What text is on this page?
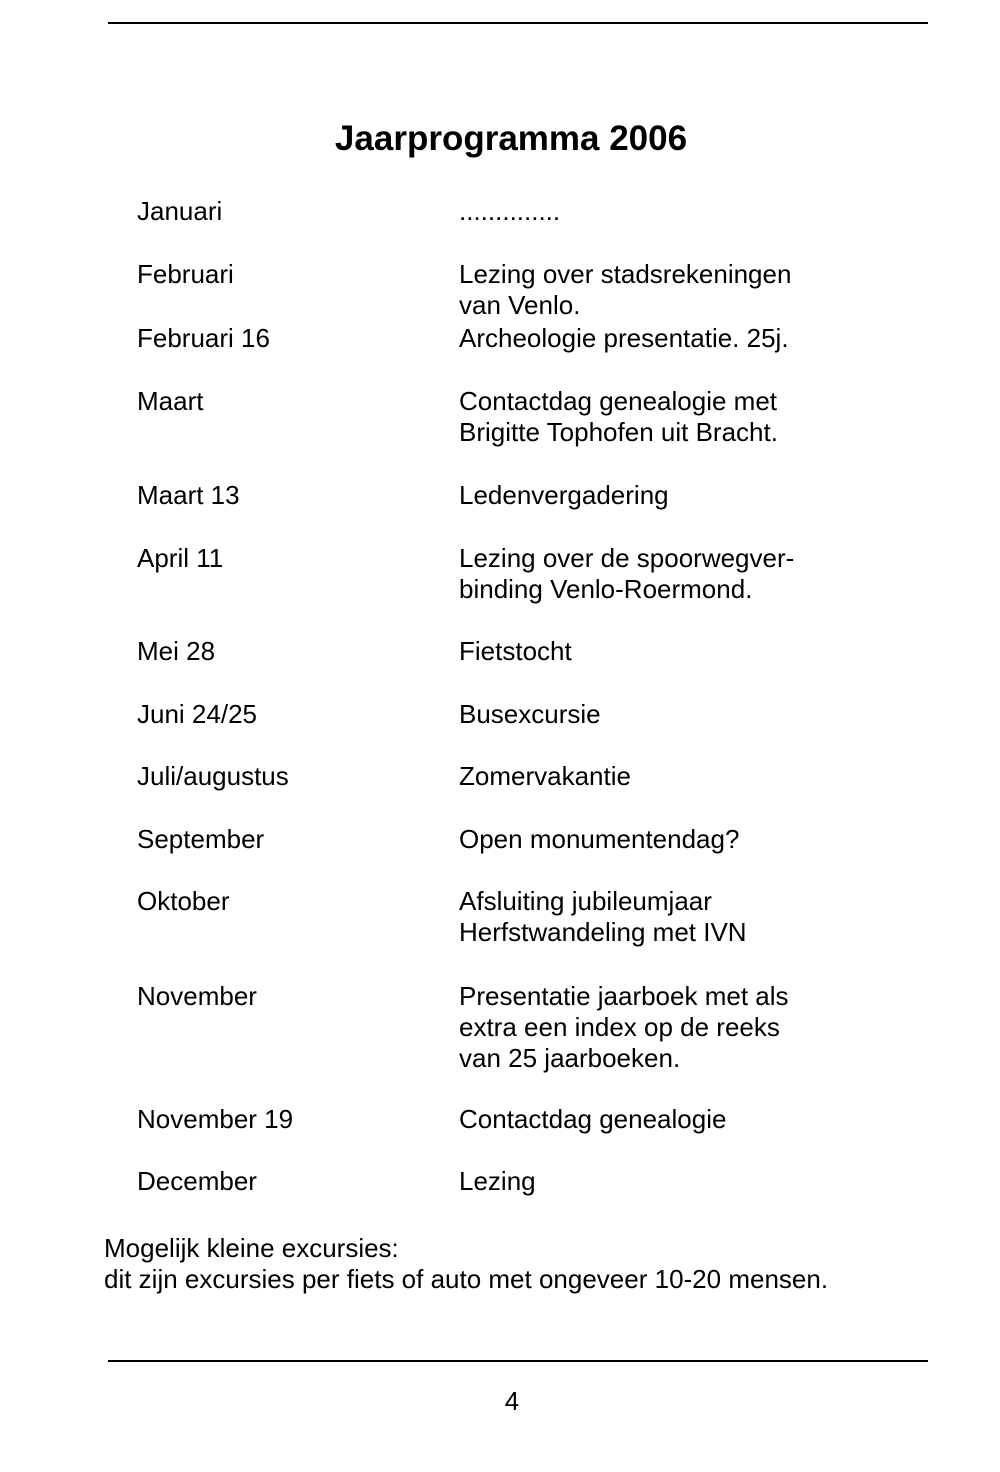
Jaarprogramma 2006
Januari	..............
Februari	Lezing over stadsrekeningen
van Venlo.
Februari 16	Archeologie presentatie. 25j.
Maart	Contactdag genealogie met
Brigitte Tophofen uit Bracht.
Maart 13	Ledenvergadering
April 11	Lezing over de spoorwegver-
binding Venlo-Roermond.
Mei 28	Fietstocht
Juni 24/25	Busexcursie
Juli/augustus	Zomervakantie
September	Open monumentendag?
Oktober	Afsluiting jubileumjaar
Herfstwandeling met IVN
November	Presentatie jaarboek met als
extra een index op de reeks
van 25 jaarboeken.
November 19	Contactdag genealogie
December	Lezing
Mogelijk kleine excursies:
dit zijn excursies per fiets of auto met ongeveer 10-20 mensen.
4
